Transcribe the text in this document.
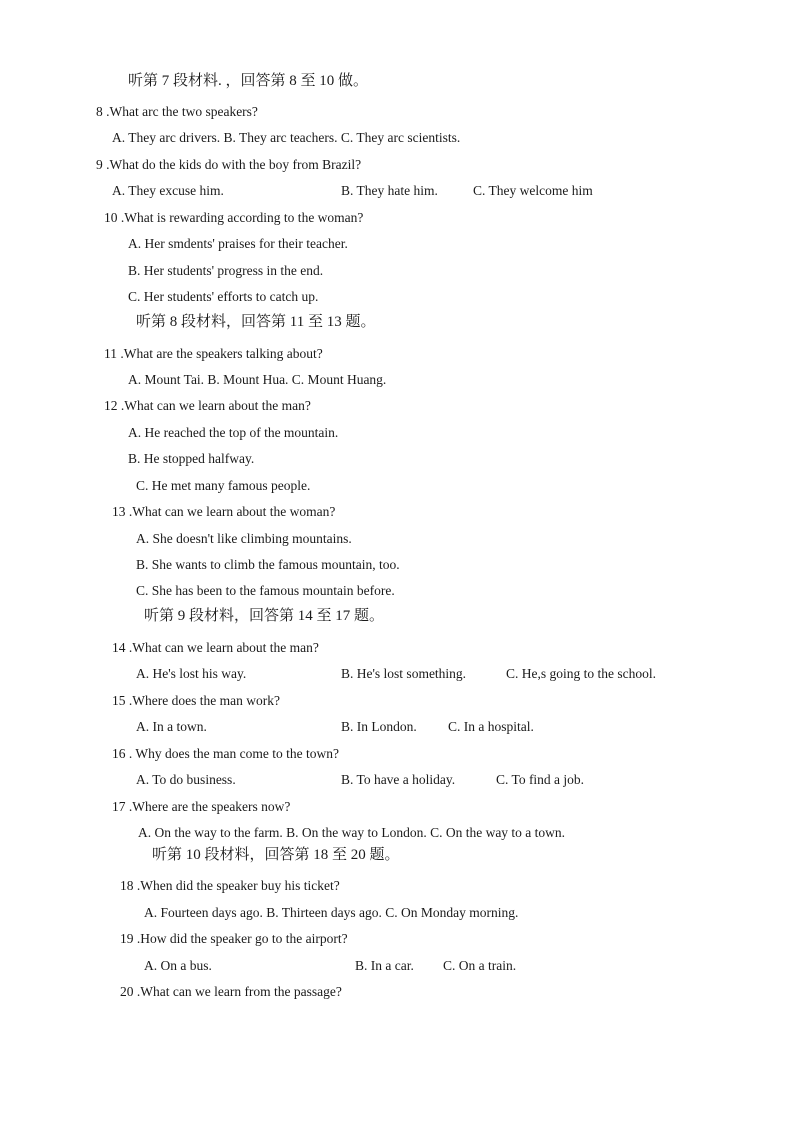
听第 7 段材料. ，回答第 8 至 10 做。
8 .What arc the two speakers?
A. They arc drivers. B. They arc teachers. C. They arc scientists.
9 .What do the kids do with the boy from Brazil?
A. They excuse him.	B. They hate him.	C. They welcome him
10 .What is rewarding according to the woman?
A. Her smdents' praises for their teacher.
B. Her students' progress in the end.
C. Her students' efforts to catch up.
听第 8 段材料，回答第 11 至 13 题。
11 .What are the speakers talking about?
A. Mount Tai. B. Mount Hua. C. Mount Huang.
12 .What can we learn about the man?
A. He reached the top of the mountain.
B. He stopped halfway.
C. He met many famous people.
13 .What can we learn about the woman?
A. She doesn't like climbing mountains.
B. She wants to climb the famous mountain, too.
C. She has been to the famous mountain before.
听第 9 段材料，回答第 14 至 17 题。
14 .What can we learn about the man?
A. He's lost his way.	B. He's lost something.	C. He,s going to the school.
15 .Where does the man work?
A. In a town.	B. In London. C. In a hospital.
16 . Why does the man come to the town?
A. To do business.	B. To have a holiday.	C. To find a job.
17 .Where are the speakers now?
A. On the way to the farm. B. On the way to London. C. On the way to a town.
听第 10 段材料，回答第 18 至 20 题。
18 .When did the speaker buy his ticket?
A. Fourteen days ago. B. Thirteen days ago. C. On Monday morning.
19 .How did the speaker go to the airport?
A. On a bus.	B. In a car. C. On a train.
20 .What can we learn from the passage?
